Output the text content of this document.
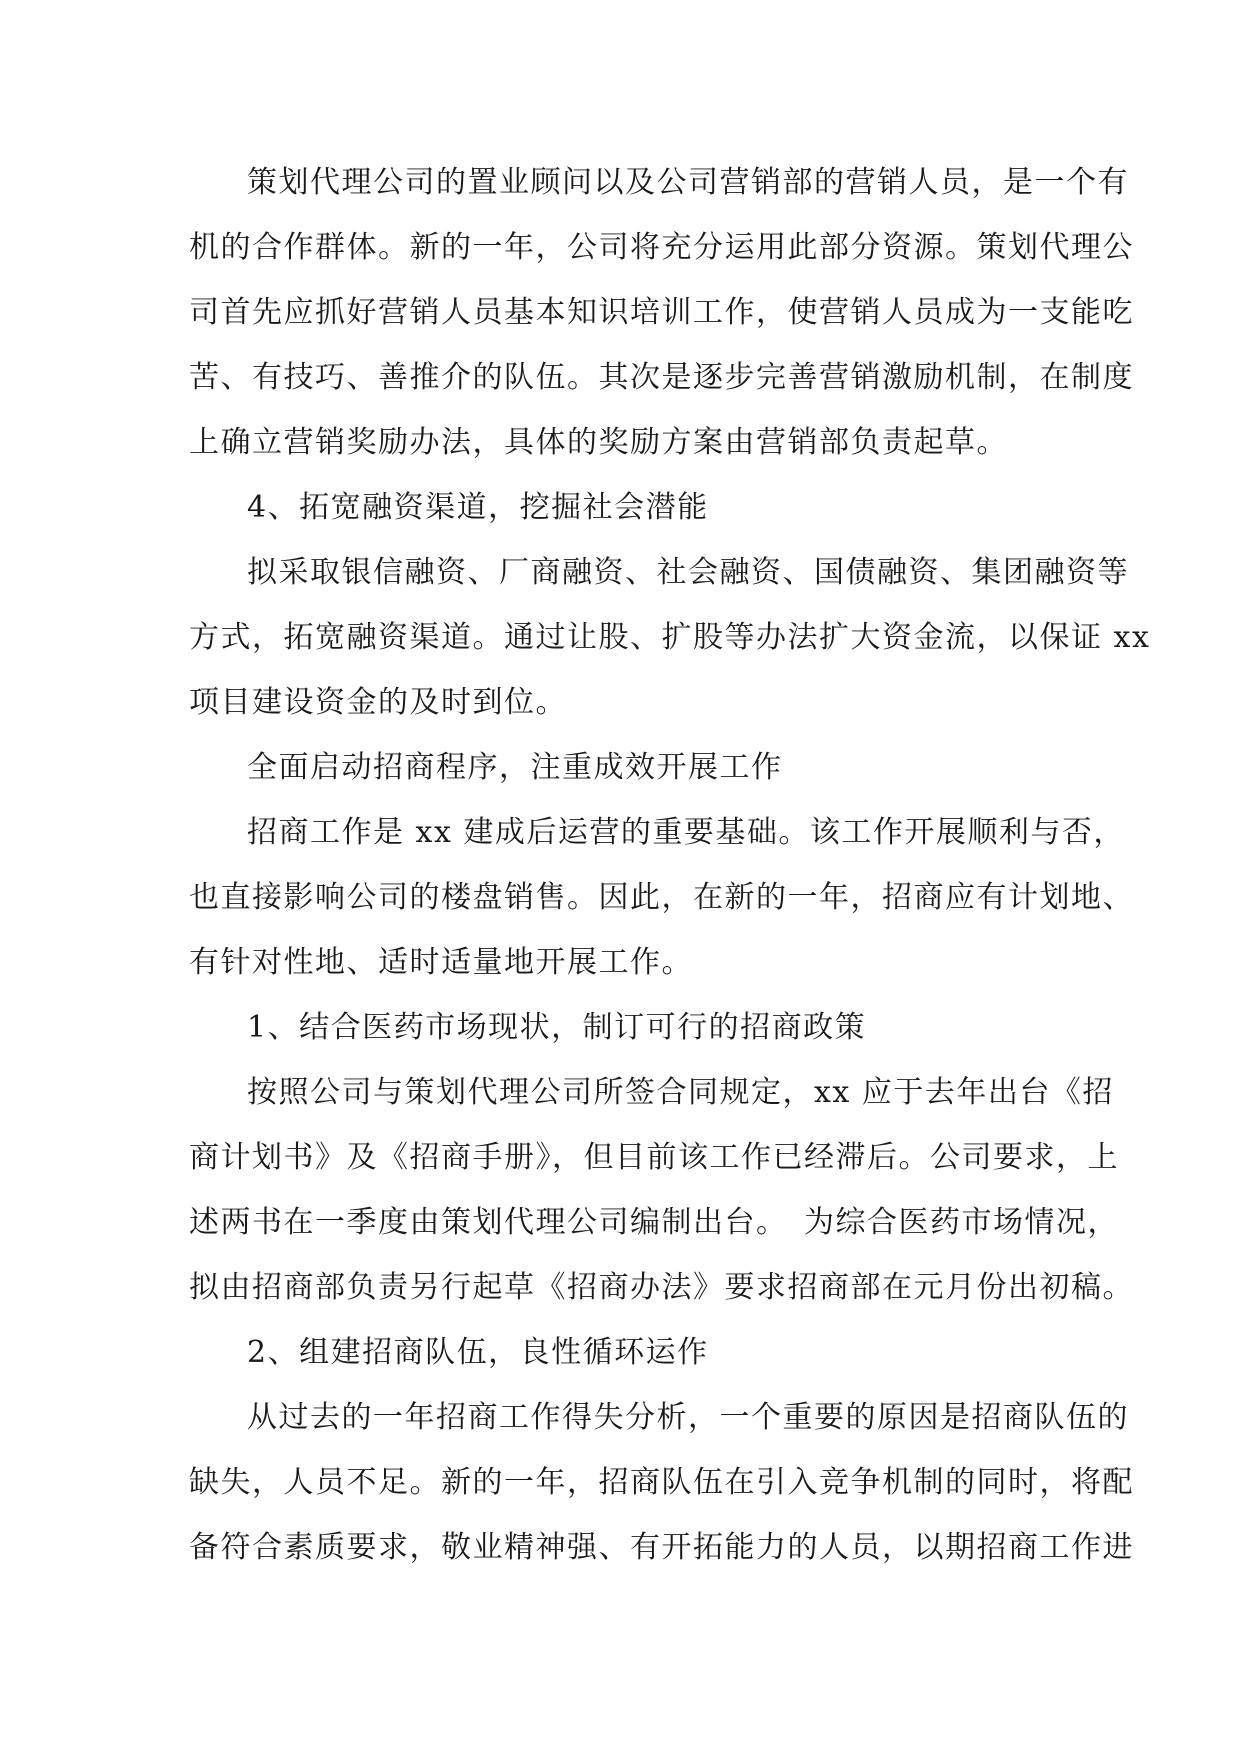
策划代理公司的置业顾问以及公司营销部的营销人员，是一个有
机的合作群体。新的一年，公司将充分运用此部分资源。策划代理公
司首先应抓好营销人员基本知识培训工作，使营销人员成为一支能吃
苦、有技巧、善推介的队伍。其次是逐步完善营销激励机制，在制度
上确立营销奖励办法，具体的奖励方案由营销部负责起草。
4、拓宽融资渠道，挖掘社会潜能
拟采取银信融资、厂商融资、社会融资、国债融资、集团融资等
方式，拓宽融资渠道。通过让股、扩股等办法扩大资金流，以保证 xx
项目建设资金的及时到位。
全面启动招商程序，注重成效开展工作
招商工作是 xx 建成后运营的重要基础。该工作开展顺利与否，
也直接影响公司的楼盘销售。因此，在新的一年，招商应有计划地、
有针对性地、适时适量地开展工作。
1、结合医药市场现状，制订可行的招商政策
按照公司与策划代理公司所签合同规定，xx 应于去年出台《招
商计划书》及《招商手册》，但目前该工作已经滞后。公司要求，上
述两书在一季度由策划代理公司编制出台。　为综合医药市场情况，
拟由招商部负责另行起草《招商办法》要求招商部在元月份出初稿。
2、组建招商队伍，良性循环运作
从过去的一年招商工作得失分析，一个重要的原因是招商队伍的
缺失，人员不足。新的一年，招商队伍在引入竞争机制的同时，将配
备符合素质要求，敬业精神强、有开拓能力的人员，以期招商工作进
